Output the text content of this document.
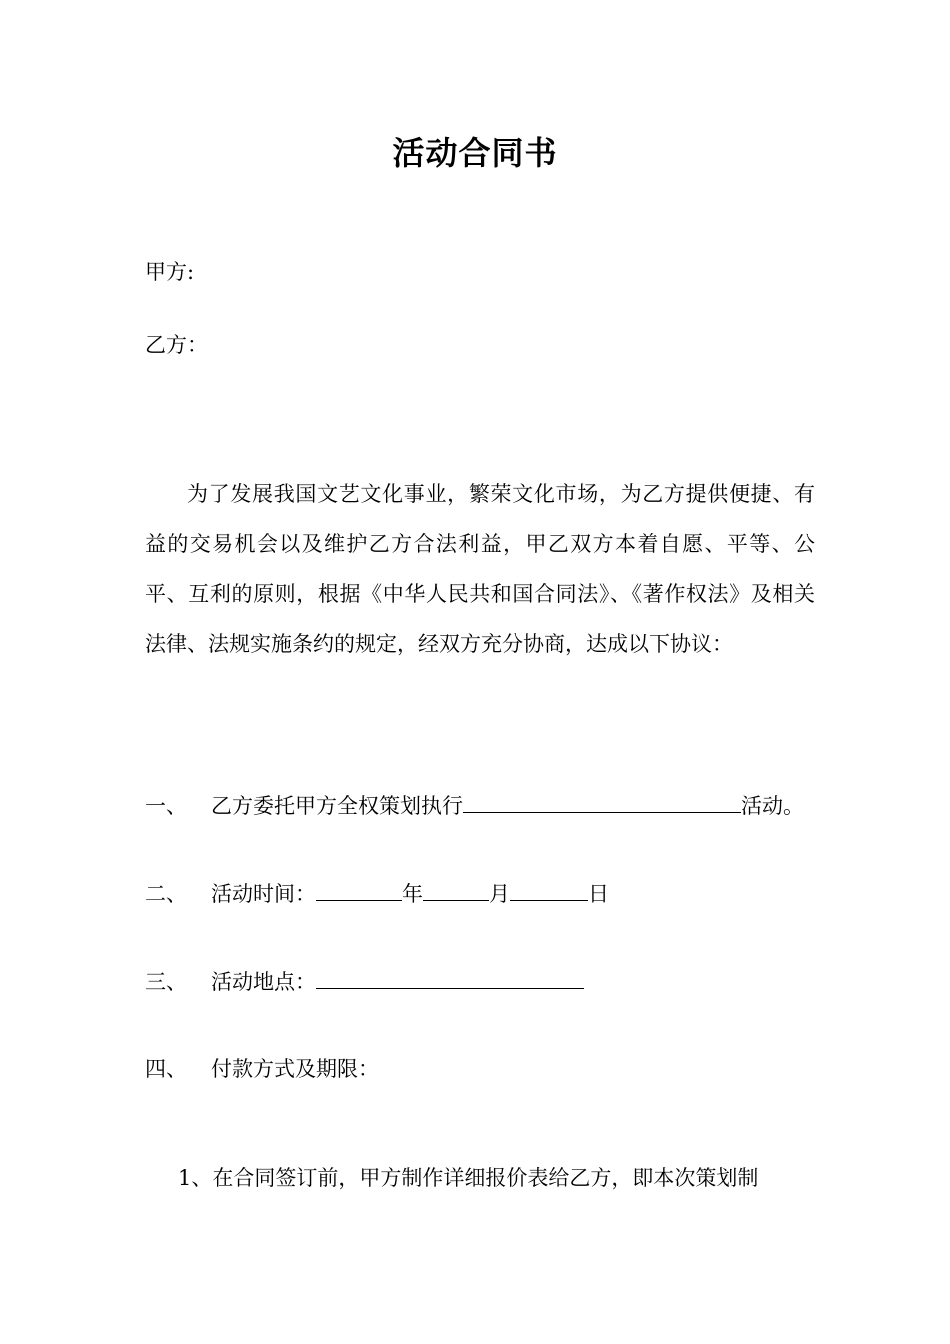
活动合同书
甲方:
乙方：
为了发展我国文艺文化事业，繁荣文化市场，为乙方提供便捷、有益的交易机会以及维护乙方合法利益，甲乙双方本着自愿、平等、公平、互利的原则，根据《中华人民共和国合同法》、《著作权法》及相关法律、法规实施条约的规定，经双方充分协商，达成以下协议：
一、 乙方委托甲方全权策划执行	活动。
二、 活动时间：	年	月	日
三、 活动地点：
四、 付款方式及期限：
1、在合同签订前，甲方制作详细报价表给乙方，即本次策划制
